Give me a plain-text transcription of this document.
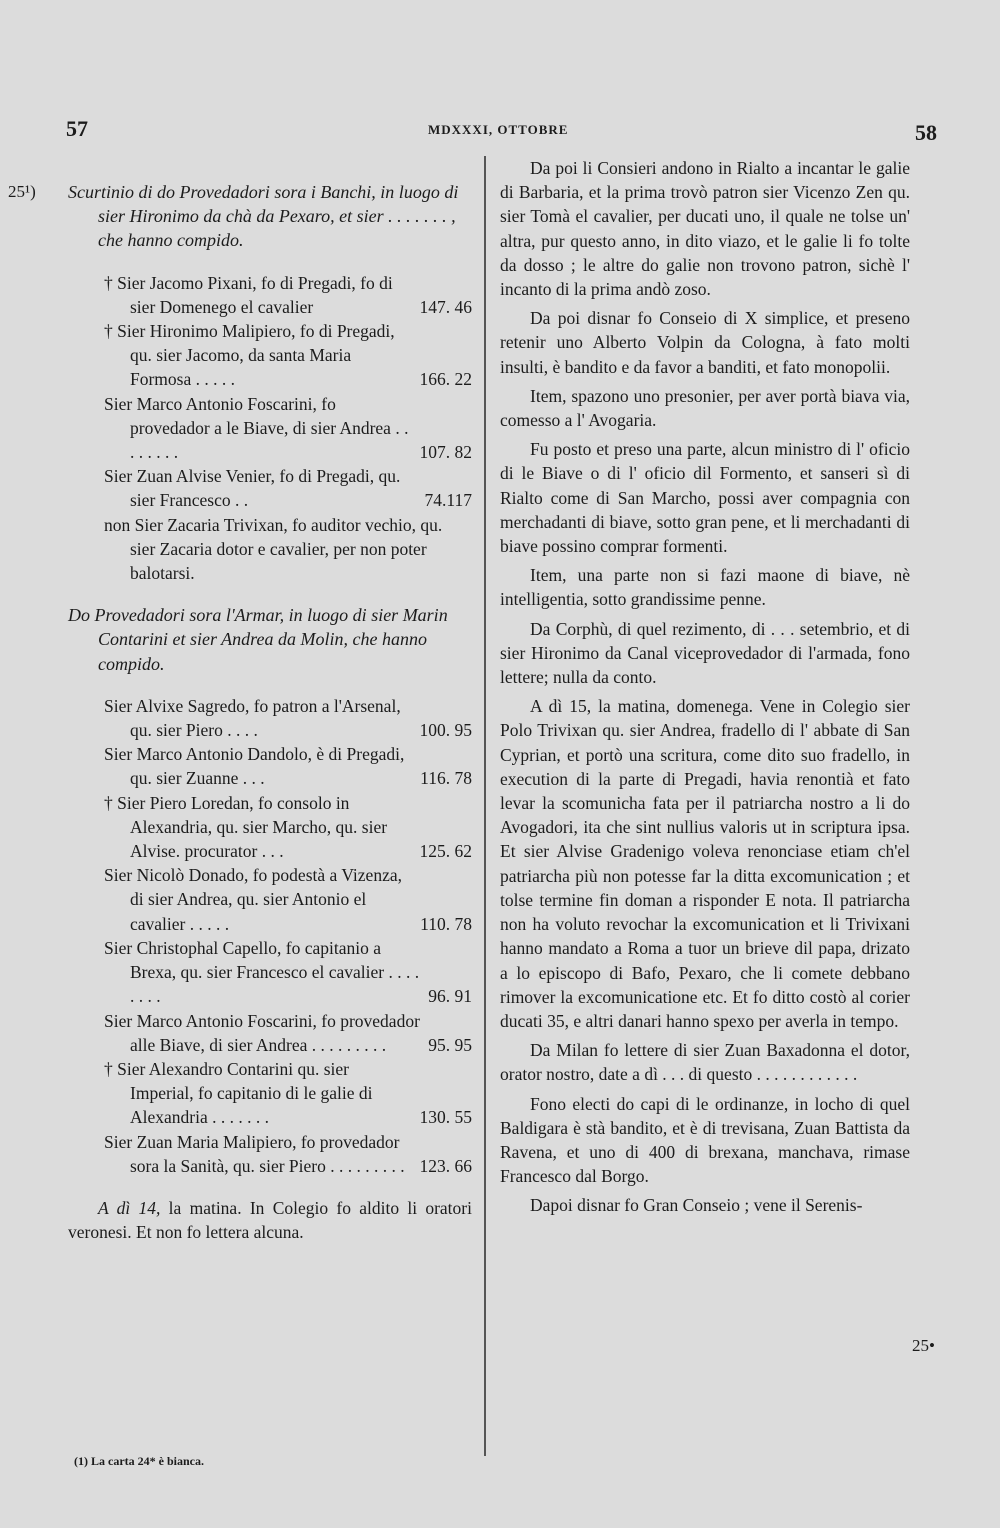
57	MDXXXI, OTTOBRE	58
25¹) Scurtinio di do Provedadori sora i Banchi, in luogo di sier Hironimo da chà da Pexaro, et sier . . . . . . . , che hanno compido.

† Sier Jacomo Pixani, fo di Pregadi, fo di sier Domenego el cavalier	147. 46
† Sier Hironimo Malipiero, fo di Pregadi, qu. sier Jacomo, da santa Maria Formosa . . . . .	166. 22
Sier Marco Antonio Foscarini, fo provedador a le Biave, di sier Andrea . . . . . . . .	107. 82
Sier Zuan Alvise Venier, fo di Pregadi, qu. sier Francesco . .	74.117
non Sier Zacaria Trivixan, fo auditor vechio, qu. sier Zacaria dotor e cavalier, per non poter balotarsi.

Do Provedadori sora l'Armar, in luogo di sier Marin Contarini et sier Andrea da Molin, che hanno compido.

Sier Alvixe Sagredo, fo patron a l'Arsenal, qu. sier Piero . . . .	100. 95
Sier Marco Antonio Dandolo, è di Pregadi, qu. sier Zuanne . . .	116. 78
† Sier Piero Loredan, fo consolo in Alexandria, qu. sier Marcho, qu. sier Alvise. procurator . . .	125. 62
Sier Nicolò Donado, fo podestà a Vizenza, di sier Andrea, qu. sier Antonio el cavalier . . . . .	110. 78
Sier Christophal Capello, fo capitanio a Brexa, qu. sier Francesco el cavalier . . . . . . . .	96. 91
Sier Marco Antonio Foscarini, fo provedador alle Biave, di sier Andrea . . . . . . . . .	95. 95
† Sier Alexandro Contarini qu. sier Imperial, fo capitanio di le galie di Alexandria . . . . . . .	130. 55
Sier Zuan Maria Malipiero, fo provedador sora la Sanità, qu. sier Piero . . . . . . . . . 123. 66

A dì 14, la matina. In Colegio fo aldito li oratori veronesi. Et non fo lettera alcuna.

(1) La carta 24* è bianca.

Da poi li Consieri andono in Rialto a incantar le galie di Barbaria, et la prima trovò patron sier Vicenzo Zen qu. sier Tomà el cavalier, per ducati uno, il quale ne tolse un' altra, pur questo anno, in dito viazo, et le galie li fo tolte da dosso ; le altre do galie non trovono patron, sichè l' incanto di la prima andò zoso.

Da poi disnar fo Conseio di X simplice, et preseno retenir uno Alberto Volpin da Cologna, à fato molti insulti, è bandito e da favor a banditi, et fato monopolii.

Item, spazono uno presonier, per aver portà biava via, comesso a l' Avogaria.

Fu posto et preso una parte, alcun ministro di l' oficio di le Biave o di l' oficio dil Formento, et sanseri sì di Rialto come di San Marcho, possi aver compagnia con merchadanti di biave, sotto gran pene, et li merchadanti di biave possino comprar formenti.

Item, una parte non si fazi maone di biave, nè intelligentia, sotto grandissime penne.

Da Corphù, di quel rezimento, di . . . setembrio, et di sier Hironimo da Canal viceprovedador di l'armada, fono lettere; nulla da conto.

A dì 15, la matina, domenega. Vene in Colegio sier Polo Trivixan qu. sier Andrea, fradello di l' abbate di San Cyprian, et portò una scritura, come dito suo fradello, in execution di la parte di Pregadi, havia renontià et fato levar la scomunicha fata per il patriarcha nostro a li do Avogadori, ita che sint nullius valoris ut in scriptura ipsa. Et sier Alvise Gradenigo voleva renonciase etiam ch'el patriarcha più non potesse far la ditta excomunication ; et tolse termine fin doman a risponder E nota. Il patriarcha non ha voluto revochar la excomunication et li Trivixani hanno mandato a Roma a tuor un brieve dil papa, drizato a lo episcopo di Bafo, Pexaro, che li comete debbano rimover la excomunicatione etc. Et fo ditto costò al corier ducati 35, e altri danari hanno spexo per averla in tempo.

Da Milan fo lettere di sier Zuan Baxadonna el dotor, orator nostro, date a dì . . . di questo . . . . . . . . . . . .

Fono electi do capi di le ordinanze, in locho di quel Baldigara è stà bandito, et è di trevisana, Zuan Battista da Ravena, et uno di 400 di brexana, manchava, rimase Francesco dal Borgo.

Dapoi disnar fo Gran Conseio ; vene il Serenis-

25•
